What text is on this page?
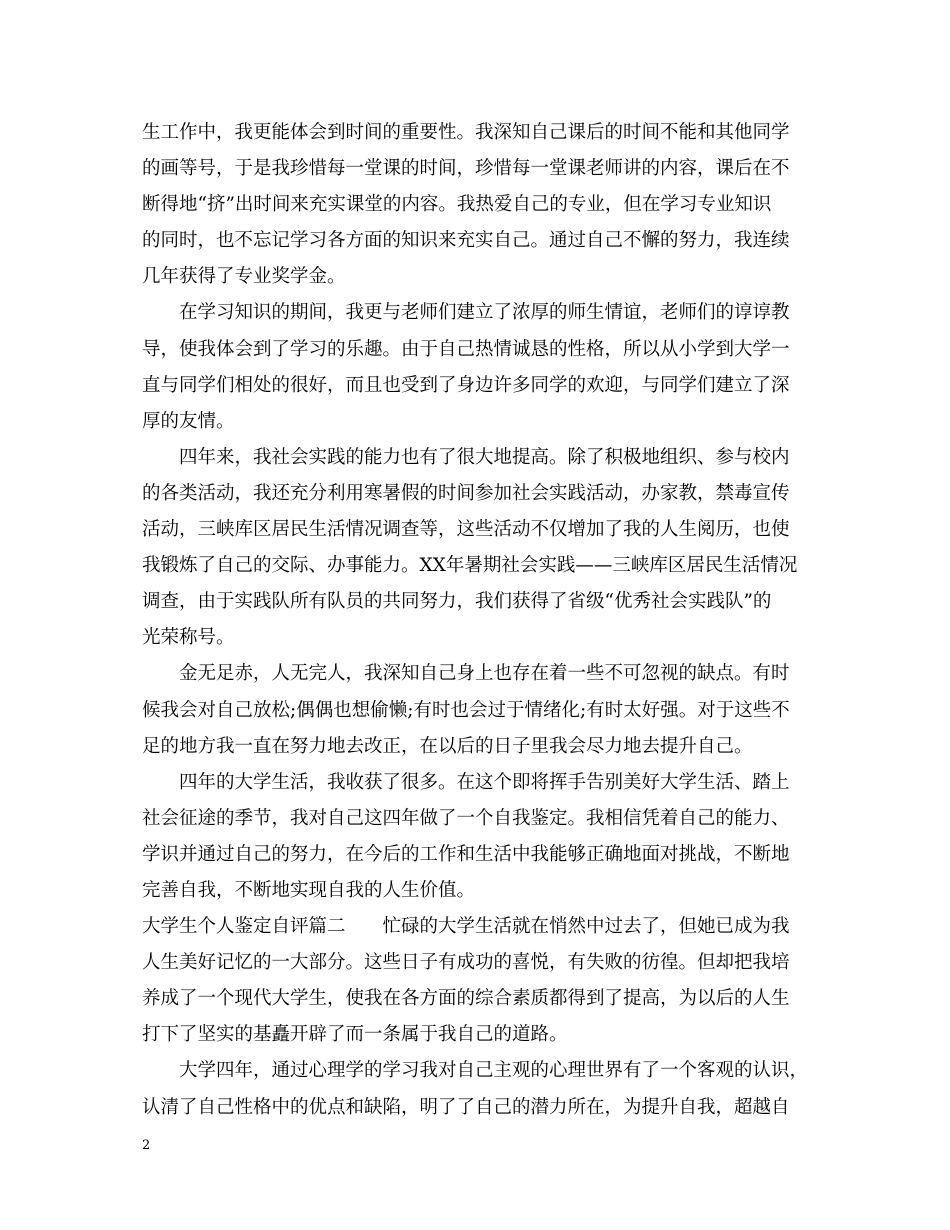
生工作中，我更能体会到时间的重要性。我深知自己课后的时间不能和其他同学
的画等号，于是我珍惜每一堂课的时间，珍惜每一堂课老师讲的内容，课后在不
断得地“挤”出时间来充实课堂的内容。我热爱自己的专业，但在学习专业知识
的同时，也不忘记学习各方面的知识来充实自己。通过自己不懈的努力，我连续
几年获得了专业奖学金。
在学习知识的期间，我更与老师们建立了浓厚的师生情谊，老师们的谆谆教
导，使我体会到了学习的乐趣。由于自己热情诚恳的性格，所以从小学到大学一
直与同学们相处的很好，而且也受到了身边许多同学的欢迎，与同学们建立了深
厚的友情。
四年来，我社会实践的能力也有了很大地提高。除了积极地组织、参与校内
的各类活动，我还充分利用寒暑假的时间参加社会实践活动，办家教，禁毒宣传
活动，三峡库区居民生活情况调查等，这些活动不仅增加了我的人生阅历，也使
我锻炼了自己的交际、办事能力。XX年暑期社会实践——三峡库区居民生活情况
调查，由于实践队所有队员的共同努力，我们获得了省级“优秀社会实践队”的
光荣称号。
金无足赤，人无完人，我深知自己身上也存在着一些不可忽视的缺点。有时
候我会对自己放松;偶偶也想偷懒;有时也会过于情绪化;有时太好强。对于这些不
足的地方我一直在努力地去改正，在以后的日子里我会尽力地去提升自己。
四年的大学生活，我收获了很多。在这个即将挥手告别美好大学生活、踏上
社会征途的季节，我对自己这四年做了一个自我鉴定。我相信凭着自己的能力、
学识并通过自己的努力，在今后的工作和生活中我能够正确地面对挑战，不断地
完善自我，不断地实现自我的人生价值。
大学生个人鉴定自评篇二　　忙碌的大学生活就在悄然中过去了，但她已成为我
人生美好记忆的一大部分。这些日子有成功的喜悦，有失败的彷徨。但却把我培
养成了一个现代大学生，使我在各方面的综合素质都得到了提高，为以后的人生
打下了坚实的基矗开辟了而一条属于我自己的道路。
大学四年，通过心理学的学习我对自己主观的心理世界有了一个客观的认识，
认清了自己性格中的优点和缺陷，明了了自己的潜力所在，为提升自我，超越自
2
